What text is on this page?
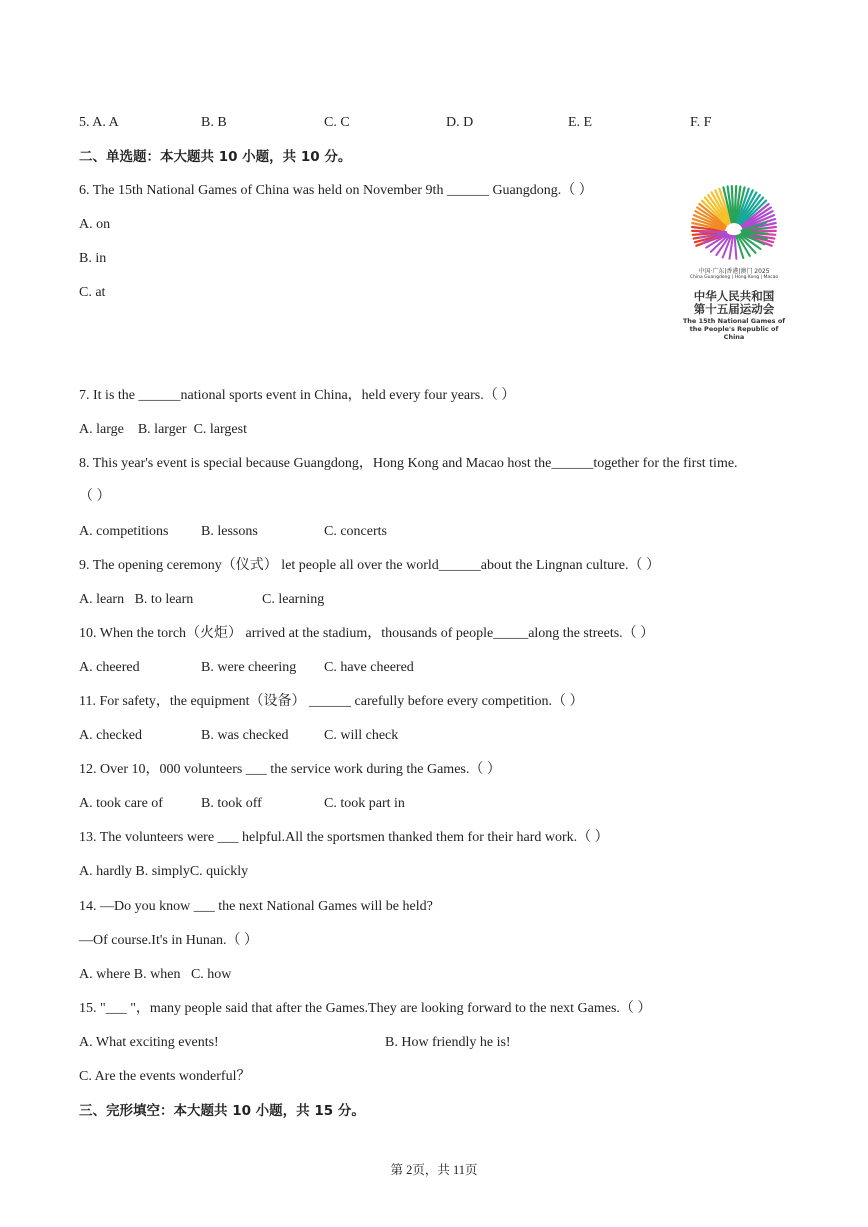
5. A. A	B. B	C. C	D. D	E. E	F. F
二、单选题：本大题共 10 小题，共 10 分。
6. The 15th National Games of China was held on November 9th ______ Guangdong.（ ）
A. on
B. in
C. at
中国·广东|香港|澳门 2025
China Guangdong | Hong Kong | Macao
中华人民共和国
第十五届运动会
The 15th National Games of
the People's Republic of China
7. It is the ______national sports event in China，held every four years.（ ）
A. large    B. larger  C. largest
8. This year's event is special because Guangdong，Hong Kong and Macao host the______together for the first time.
（ ）
A. competitions B. lessons	C. concerts
9. The opening ceremony（仪式） let people all over the world______about the Lingnan culture.（ ）
A. learn   B. to learn	C. learning
10. When the torch（火炬） arrived at the stadium，thousands of people_____along the streets.（ ）
A. cheered	B. were cheering C. have cheered
11. For safety，the equipment（设备） ______ carefully before every competition.（ ）
A. checked	B. was checked	C. will check
12. Over 10，000 volunteers ___ the service work during the Games.（ ）
A. took care of	B. took off	C. took part in
13. The volunteers were ___ helpful.All the sportsmen thanked them for their hard work.（ ）
A. hardly B. simplyC. quickly
14. —Do you know ___ the next National Games will be held?
—Of course.It's in Hunan.（ ）
A. where B. when   C. how
15. "___ "，many people said that after the Games.They are looking forward to the next Games.（ ）
A. What exciting events!	B. How friendly he is!
C. Are the events wonderful？
三、完形填空：本大题共 10 小题，共 15 分。
第 2页，共 11页
